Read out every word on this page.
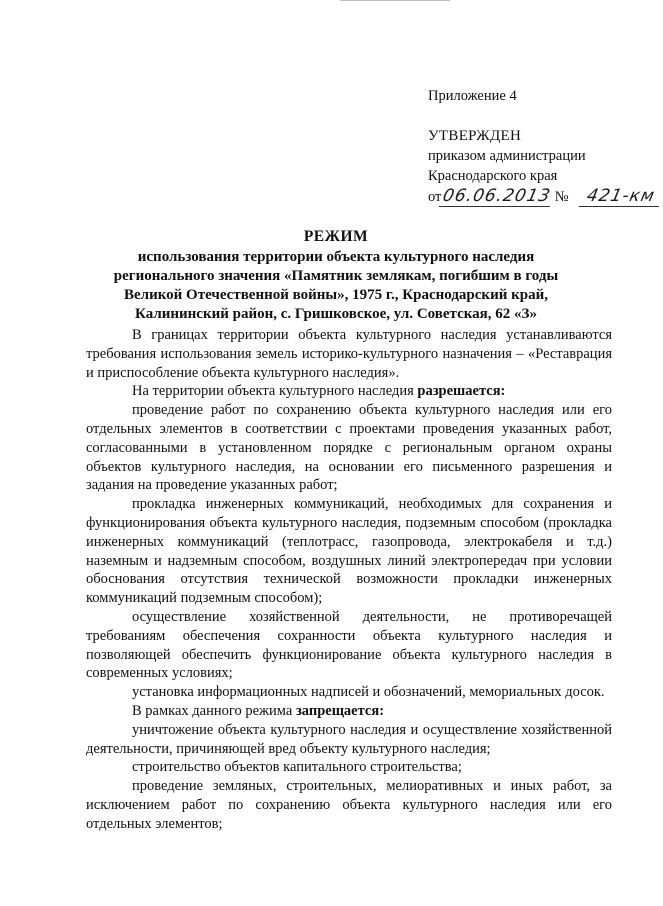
Приложение 4
УТВЕРЖДЕН
приказом администрации
Краснодарского края
от06.06.2013 № 421-км
РЕЖИМ
использования территории объекта культурного наследия
регионального значения «Памятник землякам, погибшим в годы
Великой Отечественной войны», 1975 г., Краснодарский край,
Калининский район, с. Гришковское, ул. Советская, 62 «З»

В границах территории объекта культурного наследия устанавливаются требования использования земель историко-культурного назначения – «Реставрация и приспособление объекта культурного наследия».

На территории объекта культурного наследия разрешается:

проведение работ по сохранению объекта культурного наследия или его отдельных элементов в соответствии с проектами проведения указанных работ, согласованными в установленном порядке с региональным органом охраны объектов культурного наследия, на основании его письменного разрешения и задания на проведение указанных работ;

прокладка инженерных коммуникаций, необходимых для сохранения и функционирования объекта культурного наследия, подземным способом (прокладка инженерных коммуникаций (теплотрасс, газопровода, электрокабеля и т.д.) наземным и надземным способом, воздушных линий электропередач при условии обоснования отсутствия технической возможности прокладки инженерных коммуникаций подземным способом);

осуществление хозяйственной деятельности, не противоречащей требованиям обеспечения сохранности объекта культурного наследия и позволяющей обеспечить функционирование объекта культурного наследия в современных условиях;

установка информационных надписей и обозначений, мемориальных досок.

В рамках данного режима запрещается:

уничтожение объекта культурного наследия и осуществление хозяйственной деятельности, причиняющей вред объекту культурного наследия;

строительство объектов капитального строительства;

проведение земляных, строительных, мелиоративных и иных работ, за исключением работ по сохранению объекта культурного наследия или его отдельных элементов;
